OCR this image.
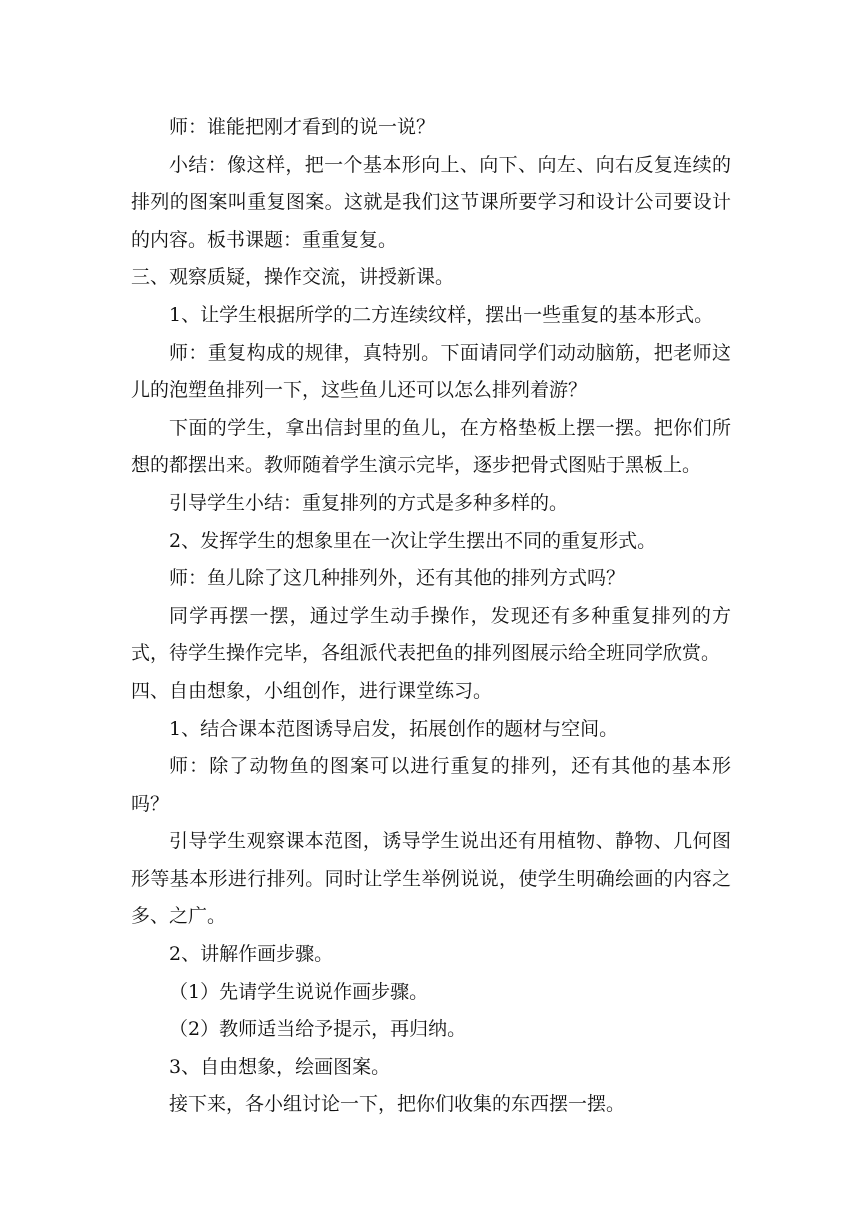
师：谁能把刚才看到的说一说？

小结：像这样，把一个基本形向上、向下、向左、向右反复连续的排列的图案叫重复图案。这就是我们这节课所要学习和设计公司要设计的内容。板书课题：重重复复。

三、观察质疑，操作交流，讲授新课。

1、让学生根据所学的二方连续纹样，摆出一些重复的基本形式。

师：重复构成的规律，真特别。下面请同学们动动脑筋，把老师这儿的泡塑鱼排列一下，这些鱼儿还可以怎么排列着游？

下面的学生，拿出信封里的鱼儿，在方格垫板上摆一摆。把你们所想的都摆出来。教师随着学生演示完毕，逐步把骨式图贴于黑板上。

引导学生小结：重复排列的方式是多种多样的。

2、发挥学生的想象里在一次让学生摆出不同的重复形式。

师：鱼儿除了这几种排列外，还有其他的排列方式吗？

同学再摆一摆，通过学生动手操作，发现还有多种重复排列的方式，待学生操作完毕，各组派代表把鱼的排列图展示给全班同学欣赏。

四、自由想象，小组创作，进行课堂练习。

1、结合课本范图诱导启发，拓展创作的题材与空间。

师：除了动物鱼的图案可以进行重复的排列，还有其他的基本形吗？

引导学生观察课本范图，诱导学生说出还有用植物、静物、几何图形等基本形进行排列。同时让学生举例说说，使学生明确绘画的内容之多、之广。

2、讲解作画步骤。

（1）先请学生说说作画步骤。

（2）教师适当给予提示，再归纳。

3、自由想象，绘画图案。

接下来，各小组讨论一下，把你们收集的东西摆一摆。
